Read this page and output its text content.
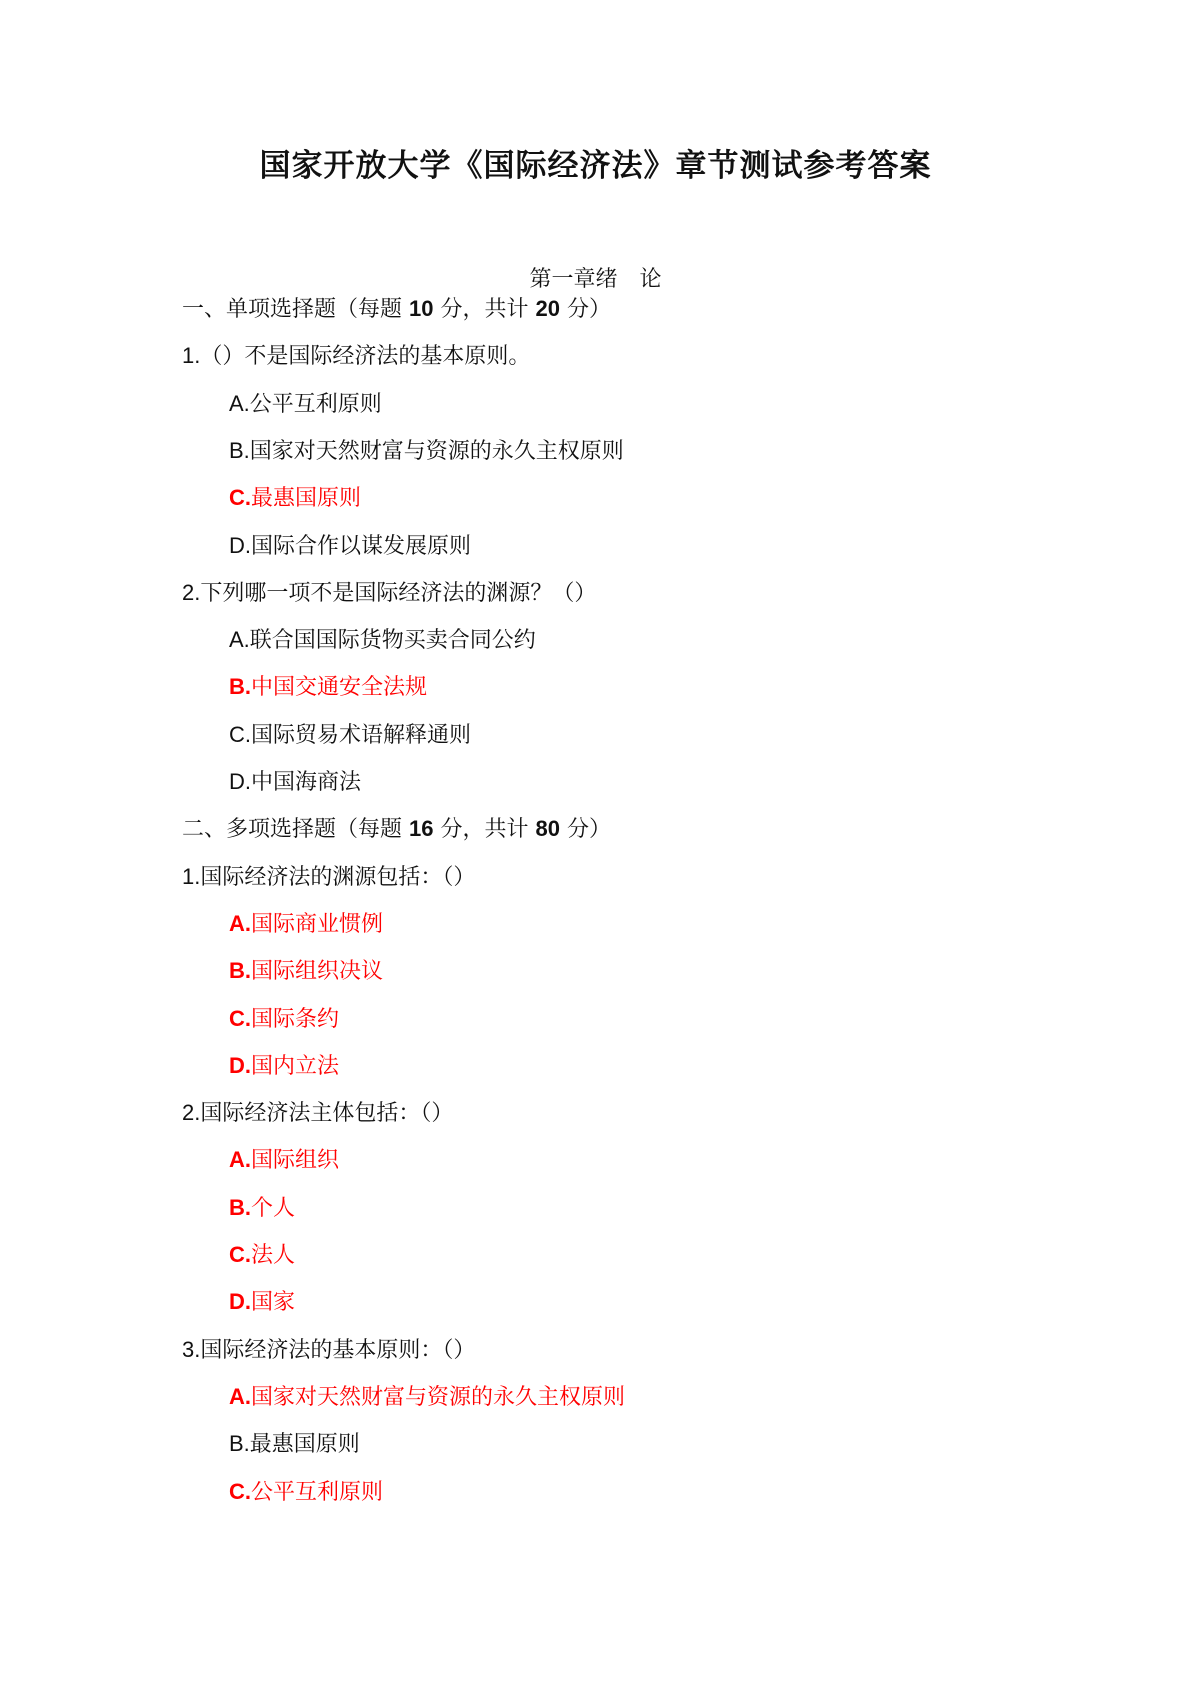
国家开放大学《国际经济法》章节测试参考答案
第一章绪 论
一、单项选择题（每题 10 分，共计 20 分）
1.（）不是国际经济法的基本原则。
A.公平互利原则
B.国家对天然财富与资源的永久主权原则
C.最惠国原则
D.国际合作以谋发展原则
2.下列哪一项不是国际经济法的渊源？（）
A.联合国国际货物买卖合同公约
B.中国交通安全法规
C.国际贸易术语解释通则
D.中国海商法
二、多项选择题（每题 16 分，共计 80 分）
1.国际经济法的渊源包括：（）
A.国际商业惯例
B.国际组织决议
C.国际条约
D.国内立法
2.国际经济法主体包括：（）
A.国际组织
B.个人
C.法人
D.国家
3.国际经济法的基本原则：（）
A.国家对天然财富与资源的永久主权原则
B.最惠国原则
C.公平互利原则
